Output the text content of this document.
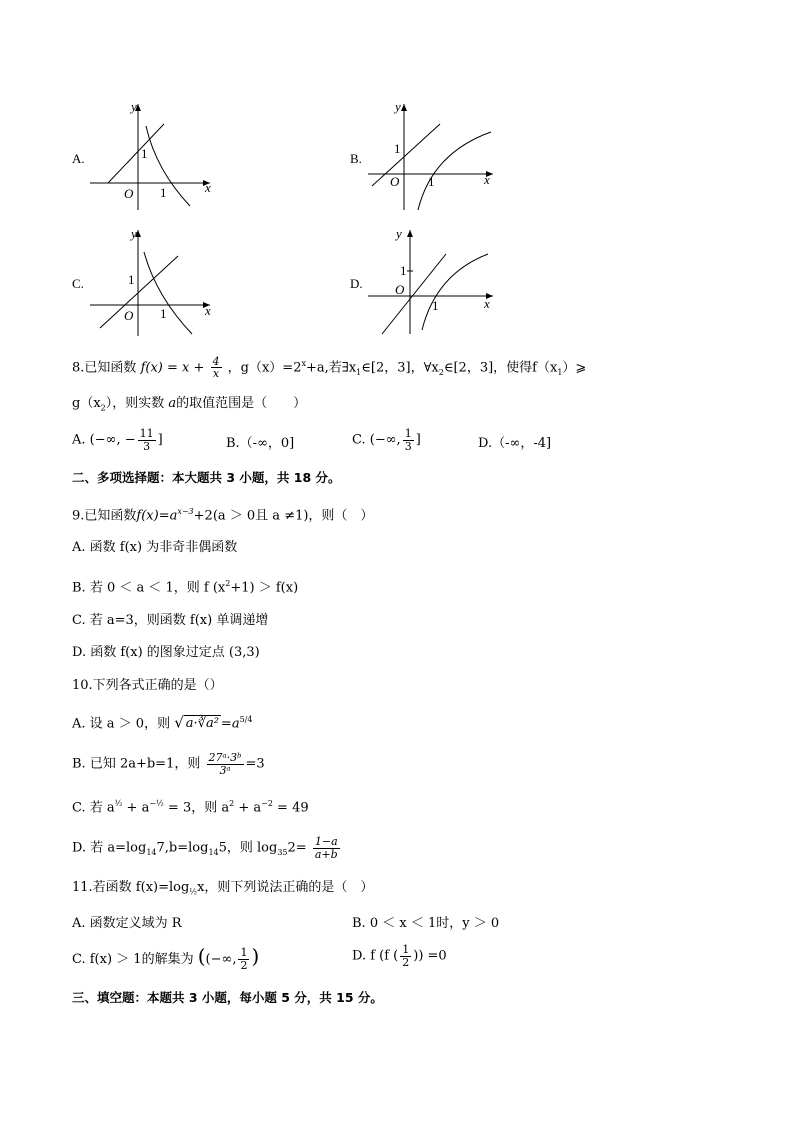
A.
y
x
O 1
1	B.
y
x
O 1
1
C.
y
x
O 1
1	D.
y
x
O
1
1
8.已知函数 $f(x) = x + \frac{4}{x}$ ，$g(x)=2^x+a$,若$\exists x_1\in[2$，3]，$\forall x_2\in[2$，3]，使得$f(x_1)⩾$
$g(x_2)$，则实数 a的取值范围是（　　）
A. (−∞, − $\frac{11}{3}$ ]	B.（-∞，0]	C. (−∞, $\frac{1}{3}$ ]	D.（-∞，-4]
二、多项选择题：本大题共 3 小题，共 18 分。
9.已知函数$f(x)=a^{x-3}+2(a > 0$且 a ≠1)，则（　）
A. 函数 f(x) 为非奇非偶函数
B. 若 0 ＜ a ＜ 1，则 f $(x^2+1) > f(x)$
C. 若 a=3，则函数 f(x) 单调递增
D. 函数 f(x) 的图象过定点 (3,3)
10.下列各式正确的是（）
A. 设 a ＞ 0，则 √ a·∛a² $=a^{5/4}$
B. 已知 2a+b=1，则 $\frac{\text{27ᵃ·3ᵇ}}{\text{3ᵃ}} =3$
C. 若 $a^{\frac{1}{2}} + a^{-\frac{1}{2}} = 3$，则 $a^2 + a^{-2} = 49$
D. 若 $a=\log_{14}7,b=\log_{14}5$，则 $\log_{35}2= \frac{1-a}{a+b}$
11.若函数 $f(x)=\log_{\frac{1}{2}}x$，则下列说法正确的是（　）
A. 函数定义域为 R	B. 0 ＜ x ＜ 1时，y ＞ 0
C. f(x) ＞ 1的解集为 ((−∞, $\frac{1}{2}$ )	D. f (f ( $\frac{1}{2}$ )) =0
三、填空题：本题共 3 小题，每小题 5 分，共 15 分。
